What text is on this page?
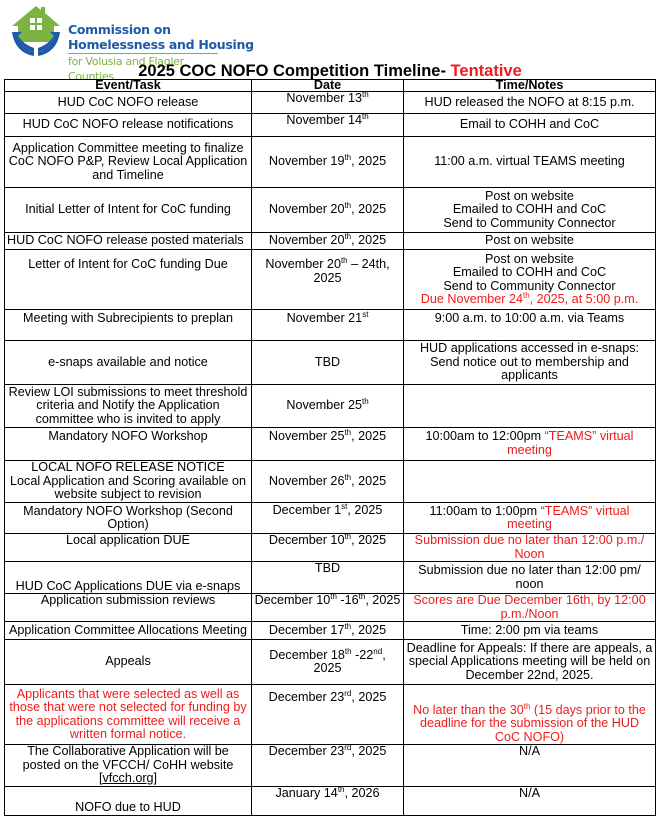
Commission on
Homelessness and Housing
for Volusia and Flagler Counties	2025 COC NOFO Competition Timeline- Tentative
Event/Task	Date	Time/Notes
HUD CoC NOFO release	November 13th	HUD released the NOFO at 8:15 p.m.
HUD CoC NOFO release notifications	November 14th	Email to COHH and CoC
Application Committee meeting to finalize CoC NOFO P&P, Review Local Application and Timeline	November 19th, 2025	11:00 a.m. virtual TEAMS meeting
Initial Letter of Intent for CoC funding	November 20th, 2025	Post on website
Emailed to COHH and CoC
Send to Community Connector

HUD CoC NOFO release posted materials	November 20th, 2025	Post on website
Letter of Intent for CoC funding Due	November 20th – 24th, 2025	Post on website
Emailed to COHH and CoC
Send to Community Connector
Due November 24th, 2025, at 5:00 p.m.

Meeting with Subrecipients to preplan	November 21st	9:00 a.m. to 10:00 a.m. via Teams
e-snaps available and notice	TBD	HUD applications accessed in e-snaps: Send notice out to membership and applicants
Review LOI submissions to meet threshold criteria and Notify the Application committee who is invited to apply	November 25th	
Mandatory NOFO Workshop	November 25th, 2025	10:00am to 12:00pm “TEAMS” virtual meeting

LOCAL NOFO RELEASE NOTICE
Local Application and Scoring available on website subject to revision	November 26th, 2025	
Mandatory NOFO Workshop (Second Option)	December 1st, 2025	11:00am to 1:00pm “TEAMS” virtual meeting
Local application DUE	December 10th, 2025	Submission due no later than 12:00 p.m./ Noon
HUD CoC Applications DUE via e-snaps	TBD	Submission due no later than 12:00 pm/ noon
Application submission reviews	December 10th -16th, 2025	Scores are Due December 16th, by 12:00 p.m./Noon
Application Committee Allocations Meeting	December 17th, 2025	Time: 2:00 pm via teams
Appeals	December 18th -22nd, 2025	Deadline for Appeals: If there are appeals, a special Applications meeting will be held on December 22nd, 2025.
Applicants that were selected as well as those that were not selected for funding by the applications committee will receive a written formal notice.	December 23rd, 2025	No later than the 30th (15 days prior to the deadline for the submission of the HUD CoC NOFO)
The Collaborative Application will be posted on the VFCCH/ CoHH website [vfcch.org]	December 23rd, 2025	N/A
NOFO due to HUD	January 14th, 2026	N/A
